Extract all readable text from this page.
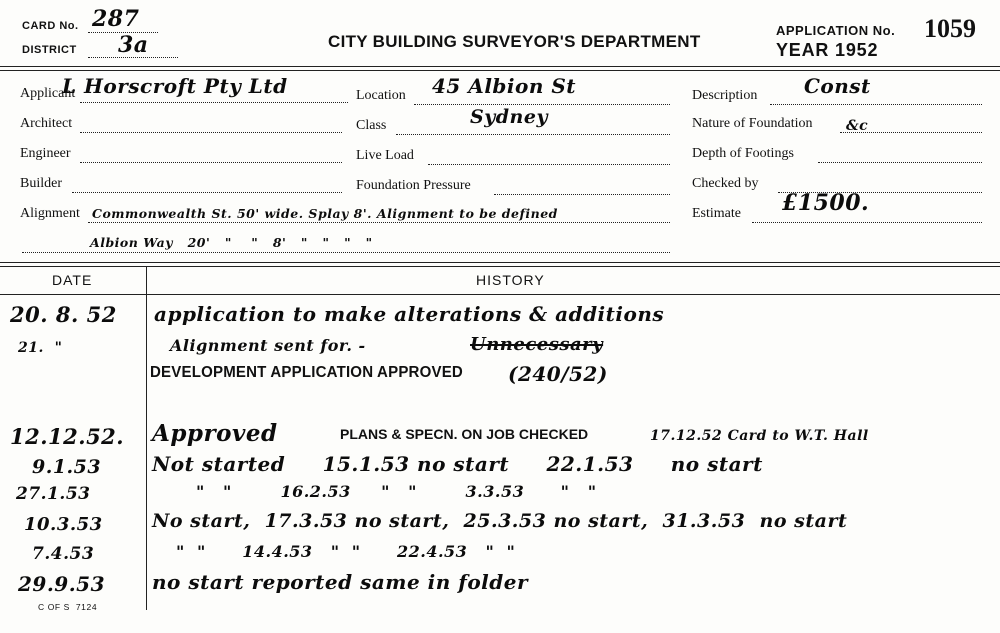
CARD No. 287
DISTRICT 3a	CITY BUILDING SURVEYOR'S DEPARTMENT
APPLICATION No. 1059
YEAR 1952
Applicant
L Horscroft Pty Ltd
Architect
Engineer
Builder
Location 45 Albion St
Class	Sydney
Live Load
Foundation Pressure
Description Const
Nature of Foundation &c
Depth of Footings
Checked by
Estimate £1500.
Alignment Commonwealth St. 50' wide. Splay 8'. Alignment to be defined
Albion Way   20'   "    "   8'   "   "   "   "
DATE	HISTORY
20. 8. 52 application to make alterations & additions
21.  "	Alignment sent for. -	Unnecessary
DEVELOPMENT APPLICATION APPROVED (240/52)
12.12.52. Approved	PLANS & SPECN. ON JOB CHECKED	17.12.52 Card to W.T. Hall
9.1.53	Not started     15.1.53 no start     22.1.53     no start
27.1.53	"   "        16.2.53     "   "        3.3.53      "   "
10.3.53	No start,  17.3.53 no start,  25.3.53 no start,  31.3.53  no start
7.4.53	"  "      14.4.53   "  "      22.4.53   "  "
29.9.53 no start reported same in folder
C OF S  7124
